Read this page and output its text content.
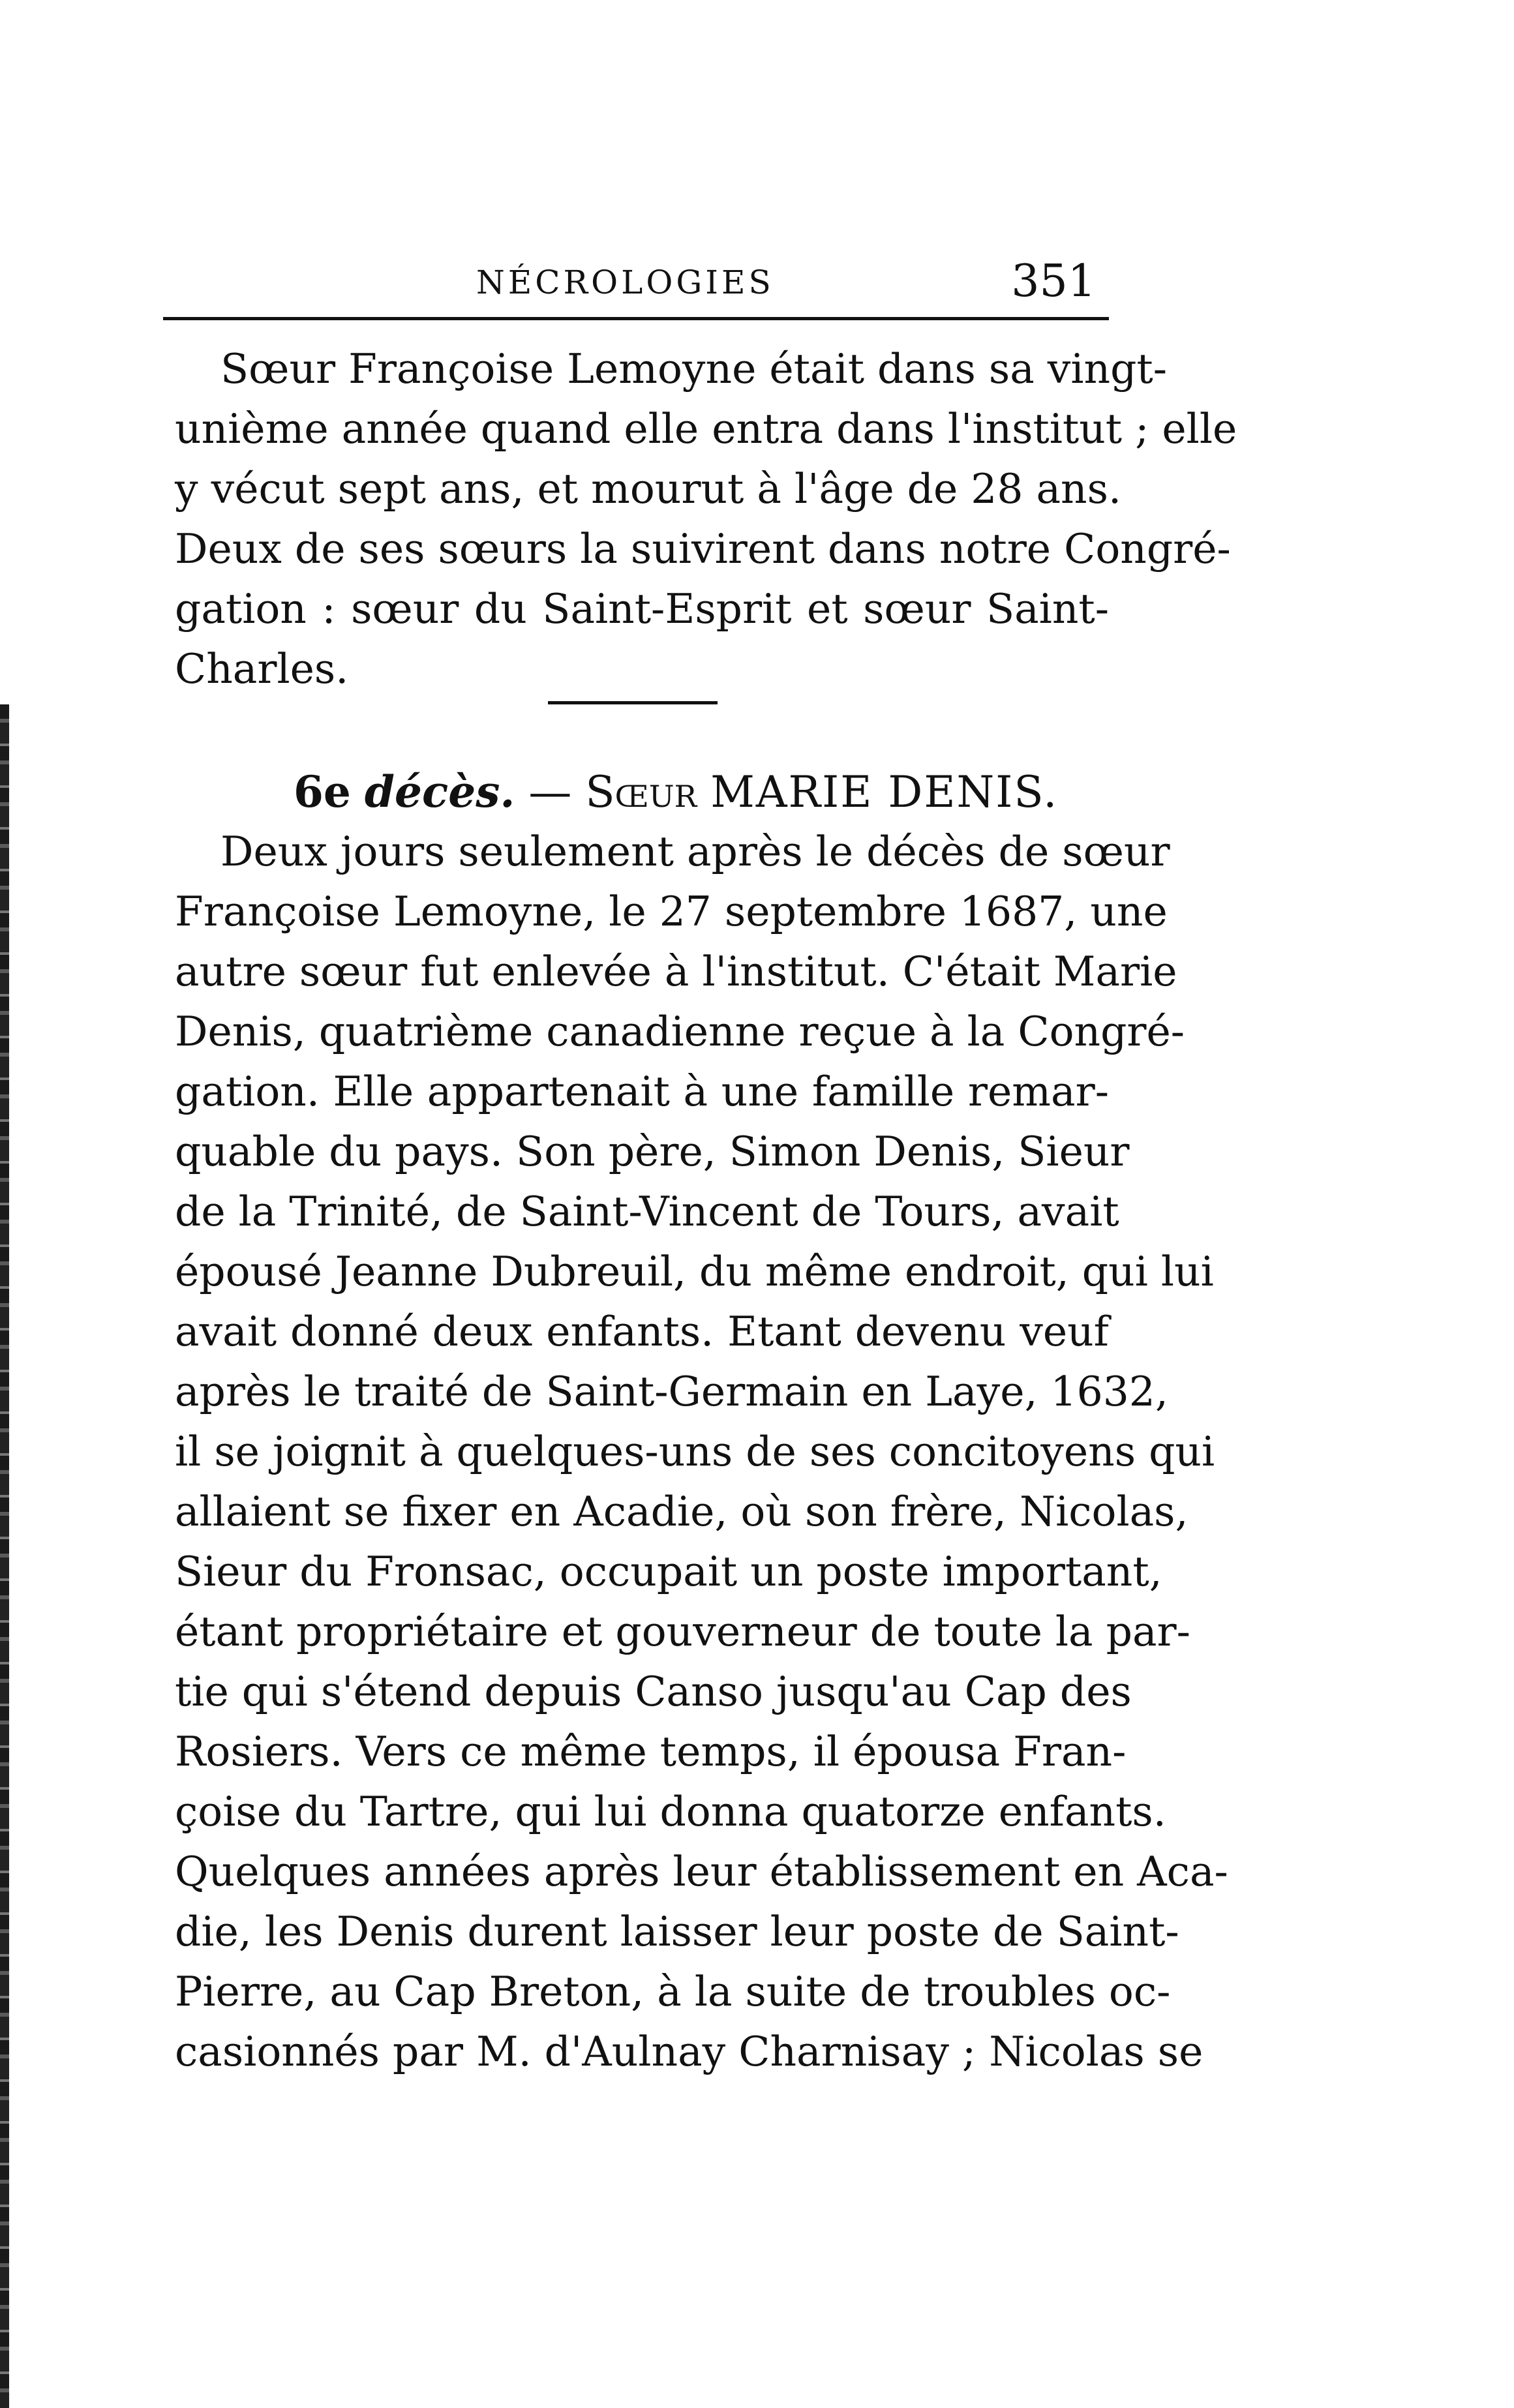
NÉCROLOGIES	351
Sœur Françoise Lemoyne était dans sa vingt-
unième année quand elle entra dans l'institut ; elle
y vécut sept ans, et mourut à l'âge de 28 ans.
Deux de ses sœurs la suivirent dans notre Congré-
gation : sœur du Saint-Esprit et sœur Saint-
Charles.
6e décès. — Sœur MARIE DENIS.
Deux jours seulement après le décès de sœur
Françoise Lemoyne, le 27 septembre 1687, une
autre sœur fut enlevée à l'institut. C'était Marie
Denis, quatrième canadienne reçue à la Congré-
gation. Elle appartenait à une famille remar-
quable du pays. Son père, Simon Denis, Sieur
de la Trinité, de Saint-Vincent de Tours, avait
épousé Jeanne Dubreuil, du même endroit, qui lui
avait donné deux enfants. Etant devenu veuf
après le traité de Saint-Germain en Laye, 1632,
il se joignit à quelques-uns de ses concitoyens qui
allaient se fixer en Acadie, où son frère, Nicolas,
Sieur du Fronsac, occupait un poste important,
étant propriétaire et gouverneur de toute la par-
tie qui s'étend depuis Canso jusqu'au Cap des
Rosiers. Vers ce même temps, il épousa Fran-
çoise du Tartre, qui lui donna quatorze enfants.
Quelques années après leur établissement en Aca-
die, les Denis durent laisser leur poste de Saint-
Pierre, au Cap Breton, à la suite de troubles oc-
casionnés par M. d'Aulnay Charnisay ; Nicolas se
